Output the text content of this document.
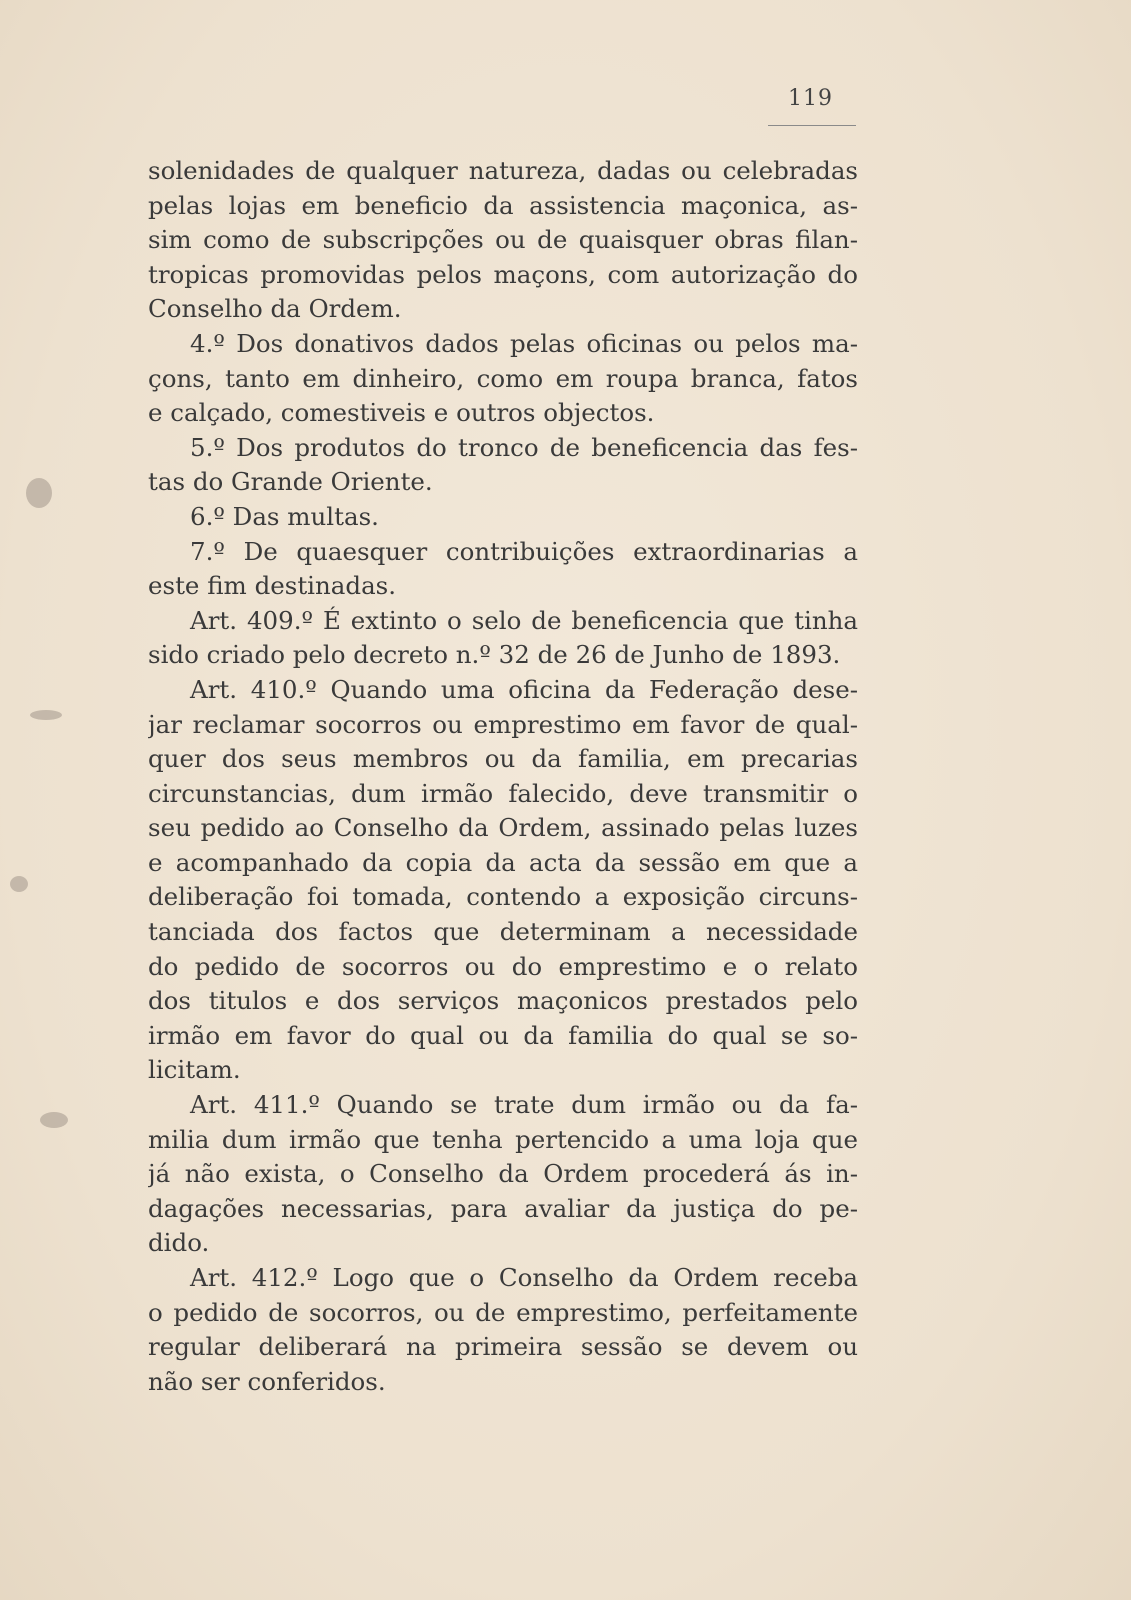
119
solenidades de qualquer natureza, dadas ou celebradas
pelas lojas em beneficio da assistencia maçonica, as-
sim como de subscripções ou de quaisquer obras filan-
tropicas promovidas pelos maçons, com autorização do
Conselho da Ordem.
4.º Dos donativos dados pelas oficinas ou pelos ma-
çons, tanto em dinheiro, como em roupa branca, fatos
e calçado, comestiveis e outros objectos.
5.º Dos produtos do tronco de beneficencia das fes-
tas do Grande Oriente.
6.º Das multas.
7.º De quaesquer contribuições extraordinarias a
este fim destinadas.
Art. 409.º É extinto o selo de beneficencia que tinha
sido criado pelo decreto n.º 32 de 26 de Junho de 1893.
Art. 410.º Quando uma oficina da Federação dese-
jar reclamar socorros ou emprestimo em favor de qual-
quer dos seus membros ou da familia, em precarias
circunstancias, dum irmão falecido, deve transmitir o
seu pedido ao Conselho da Ordem, assinado pelas luzes
e acompanhado da copia da acta da sessão em que a
deliberação foi tomada, contendo a exposição circuns-
tanciada dos factos que determinam a necessidade
do pedido de socorros ou do emprestimo e o relato
dos titulos e dos serviços maçonicos prestados pelo
irmão em favor do qual ou da familia do qual se so-
licitam.
Art. 411.º Quando se trate dum irmão ou da fa-
milia dum irmão que tenha pertencido a uma loja que
já não exista, o Conselho da Ordem procederá ás in-
dagações necessarias, para avaliar da justiça do pe-
dido.
Art. 412.º Logo que o Conselho da Ordem receba
o pedido de socorros, ou de emprestimo, perfeitamente
regular deliberará na primeira sessão se devem ou
não ser conferidos.
